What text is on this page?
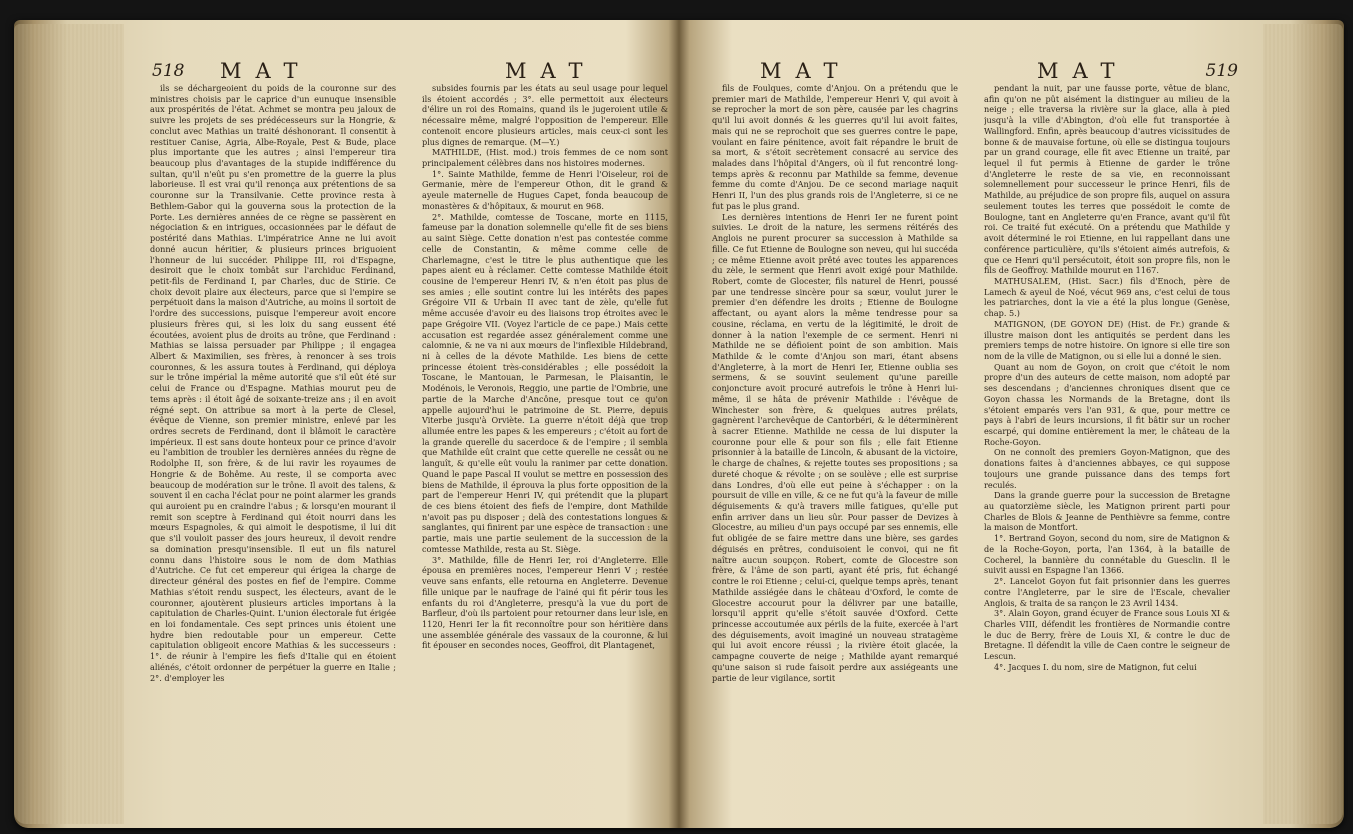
518 MAT	MAT

ils se déchargeoient du poids de la couronne sur des ministres choisis par le caprice d'un eunuque insensible aux prospérités de l'état. Achmet se montra peu jaloux de suivre les projets de ses prédécesseurs sur la Hongrie, & conclut avec Mathias un traité déshonorant. Il consentit à restituer Canise, Agria, Albe-Royale, Pest & Bude, place plus importante que les autres ; ainsi l'empereur tira beaucoup plus d'avantages de la stupide indifférence du sultan, qu'il n'eût pu s'en promettre de la guerre la plus laborieuse. Il est vrai qu'il renonça aux prétentions de sa couronne sur la Transilvanie. Cette province resta à Bethlem-Gabor qui la gouverna sous la protection de la Porte. Les dernières années de ce règne se passèrent en négociation & en intrigues, occasionnées par le défaut de postérité dans Mathias. L'impératrice Anne ne lui avoit donné aucun héritier, & plusieurs princes briguoient l'honneur de lui succéder. Philippe III, roi d'Espagne, desiroit que le choix tombât sur l'archiduc Ferdinand, petit-fils de Ferdinand I, par Charles, duc de Stirie. Ce choix devoit plaire aux électeurs, parce que si l'empire se perpétuoit dans la maison d'Autriche, au moins il sortoit de l'ordre des successions, puisque l'empereur avoit encore plusieurs frères qui, si les loix du sang eussent été écoutées, avoient plus de droits au trône, que Ferdinand : Mathias se laissa persuader par Philippe ; il engagea Albert & Maximilien, ses frères, à renoncer à ses trois couronnes, & les assura toutes à Ferdinand, qui déploya sur le trône impérial la même autorité que s'il eût été sur celui de France ou d'Espagne. Mathias mourut peu de tems après : il étoit âgé de soixante-treize ans ; il en avoit régné sept. On attribue sa mort à la perte de Clesel, évêque de Vienne, son premier ministre, enlevé par les ordres secrets de Ferdinand, dont il blâmoit le caractère impérieux. Il est sans doute honteux pour ce prince d'avoir eu l'ambition de troubler les dernières années du règne de Rodolphe II, son frère, & de lui ravir les royaumes de Hongrie & de Bohême. Au reste, il se comporta avec beaucoup de modération sur le trône. Il avoit des talens, & souvent il en cacha l'éclat pour ne point alarmer les grands qui auroient pu en craindre l'abus ; & lorsqu'en mourant il remit son sceptre à Ferdinand qui étoit nourri dans les mœurs Espagnoles, & qui aimoit le despotisme, il lui dit que s'il vouloit passer des jours heureux, il devoit rendre sa domination presqu'insensible. Il eut un fils naturel connu dans l'histoire sous le nom de dom Mathias d'Autriche. Ce fut cet empereur qui érigea la charge de directeur général des postes en fief de l'empire. Comme Mathias s'étoit rendu suspect, les électeurs, avant de le couronner, ajoutèrent plusieurs articles importans à la capitulation de Charles-Quint. L'union électorale fut érigée en loi fondamentale. Ces sept princes unis étoient une hydre bien redoutable pour un empereur. Cette capitulation obligeoit encore Mathias & les successeurs : 1°. de réunir à l'empire les fiefs d'Italie qui en étoient aliénés, c'étoit ordonner de perpétuer la guerre en Italie ; 2°. d'employer les

subsides fournis par les états au seul usage pour lequel ils étoient accordés ; 3°. elle permettoit aux électeurs d'élire un roi des Romains, quand ils le jugeroient utile & nécessaire même, malgré l'opposition de l'empereur. Elle contenoit encore plusieurs articles, mais ceux-ci sont les plus dignes de remarque. (M—Y.)

MATHILDE, (Hist. mod.) trois femmes de ce nom sont principalement célèbres dans nos histoires modernes.

1°. Sainte Mathilde, femme de Henri l'Oiseleur, roi de Germanie, mère de l'empereur Othon, dit le grand & ayeule maternelle de Hugues Capet, fonda beaucoup de monastères & d'hôpitaux, & mourut en 968.

2°. Mathilde, comtesse de Toscane, morte en 1115, fameuse par la donation solemnelle qu'elle fit de ses biens au saint Siège. Cette donation n'est pas contestée comme celle de Constantin, & même comme celle de Charlemagne, c'est le titre le plus authentique que les papes aient eu à réclamer. Cette comtesse Mathilde étoit cousine de l'empereur Henri IV, & n'en étoit pas plus de ses amies ; elle soutint contre lui les intérêts des papes Grégoire VII & Urbain II avec tant de zèle, qu'elle fut même accusée d'avoir eu des liaisons trop étroites avec le pape Grégoire VII. (Voyez l'article de ce pape.) Mais cette accusation est regardée assez généralement comme une calomnie, & ne va ni aux mœurs de l'inflexible Hildebrand, ni à celles de la dévote Mathilde. Les biens de cette princesse étoient très-considérables ; elle possédoit la Toscane, le Mantouan, le Parmesan, le Plaisantin, le Modénois, le Veronois, Reggio, une partie de l'Ombrie, une partie de la Marche d'Ancône, presque tout ce qu'on appelle aujourd'hui le patrimoine de St. Pierre, depuis Viterbe jusqu'à Orviète. La guerre n'étoit déjà que trop allumée entre les papes & les empereurs ; c'étoit au fort de la grande querelle du sacerdoce & de l'empire ; il sembla que Mathilde eût craint que cette querelle ne cessât ou ne languît, & qu'elle eût voulu la ranimer par cette donation. Quand le pape Pascal II voulut se mettre en possession des biens de Mathilde, il éprouva la plus forte opposition de la part de l'empereur Henri IV, qui prétendit que la plupart de ces biens étoient des fiefs de l'empire, dont Mathilde n'avoit pas pu disposer ; delà des contestations longues & sanglantes, qui finirent par une espèce de transaction : une partie, mais une partie seulement de la succession de la comtesse Mathilde, resta au St. Siège.

3°. Mathilde, fille de Henri Ier, roi d'Angleterre. Elle épousa en premières noces, l'empereur Henri V ; restée veuve sans enfants, elle retourna en Angleterre. Devenue fille unique par le naufrage de l'ainé qui fit périr tous les enfants du roi d'Angleterre, presqu'à la vue du port de Barfleur, d'où ils partoient pour retourner dans leur isle, en 1120, Henri Ier la fit reconnoître pour son héritière dans une assemblée générale des vassaux de la couronne, & lui fit épouser en secondes noces, Geoffroi, dit Plantagenet,

MAT	MAT	519

fils de Foulques, comte d'Anjou. On a prétendu que le premier mari de Mathilde, l'empereur Henri V, qui avoit à se reprocher la mort de son père, causée par les chagrins qu'il lui avoit donnés & les guerres qu'il lui avoit faites, mais qui ne se reprochoit que ses guerres contre le pape, voulant en faire pénitence, avoit fait répandre le bruit de sa mort, & s'étoit secrètement consacré au service des malades dans l'hôpital d'Angers, où il fut rencontré long-temps après & reconnu par Mathilde sa femme, devenue femme du comte d'Anjou. De ce second mariage naquit Henri II, l'un des plus grands rois de l'Angleterre, si ce ne fut pas le plus grand.

Les dernières intentions de Henri Ier ne furent point suivies. Le droit de la nature, les sermens réitérés des Anglois ne purent procurer sa succession à Mathilde sa fille. Ce fut Etienne de Boulogne son neveu, qui lui succéda ; ce même Etienne avoit prêté avec toutes les apparences du zèle, le serment que Henri avoit exigé pour Mathilde. Robert, comte de Glocester, fils naturel de Henri, poussé par une tendresse sincère pour sa sœur, voulut jurer le premier d'en défendre les droits ; Etienne de Boulogne affectant, ou ayant alors la même tendresse pour sa cousine, réclama, en vertu de la légitimité, le droit de donner à la nation l'exemple de ce serment. Henri ni Mathilde ne se défioient point de son ambition. Mais Mathilde & le comte d'Anjou son mari, étant absens d'Angleterre, à la mort de Henri Ier, Etienne oublia ses sermens, & se souvint seulement qu'une pareille conjoncture avoit procuré autrefois le trône à Henri lui-même, il se hâta de prévenir Mathilde : l'évêque de Winchester son frère, & quelques autres prélats, gagnèrent l'archevêque de Cantorbéri, & le déterminèrent à sacrer Etienne. Mathilde ne cessa de lui disputer la couronne pour elle & pour son fils ; elle fait Etienne prisonnier à la bataille de Lincoln, & abusant de la victoire, le charge de chaînes, & rejette toutes ses propositions ; sa dureté choque & révolte ; on se soulève ; elle est surprise dans Londres, d'où elle eut peine à s'échapper : on la poursuit de ville en ville, & ce ne fut qu'à la faveur de mille déguisements & qu'à travers mille fatigues, qu'elle put enfin arriver dans un lieu sûr. Pour passer de Devizes à Glocestre, au milieu d'un pays occupé par ses ennemis, elle fut obligée de se faire mettre dans une bière, ses gardes déguisés en prêtres, conduisoient le convoi, qui ne fit naître aucun soupçon. Robert, comte de Glocestre son frère, & l'âme de son parti, ayant été pris, fut échangé contre le roi Etienne ; celui-ci, quelque temps après, tenant Mathilde assiégée dans le château d'Oxford, le comte de Glocestre accourut pour la délivrer par une bataille, lorsqu'il apprit qu'elle s'étoit sauvée d'Oxford. Cette princesse accoutumée aux périls de la fuite, exercée à l'art des déguisements, avoit imaginé un nouveau stratagème qui lui avoit encore réussi ; la rivière étoit glacée, la campagne couverte de neige ; Mathilde ayant remarqué qu'une saison si rude faisoit perdre aux assiégeants une partie de leur vigilance, sortit

pendant la nuit, par une fausse porte, vêtue de blanc, afin qu'on ne pût aisément la distinguer au milieu de la neige ; elle traversa la rivière sur la glace, alla à pied jusqu'à la ville d'Abington, d'où elle fut transportée à Wallingford. Enfin, après beaucoup d'autres vicissitudes de bonne & de mauvaise fortune, où elle se distingua toujours par un grand courage, elle fit avec Etienne un traité, par lequel il fut permis à Etienne de garder le trône d'Angleterre le reste de sa vie, en reconnoissant solemnellement pour successeur le prince Henri, fils de Mathilde, au préjudice de son propre fils, auquel on assura seulement toutes les terres que possédoit le comte de Boulogne, tant en Angleterre qu'en France, avant qu'il fût roi. Ce traité fut exécuté. On a prétendu que Mathilde y avoit déterminé le roi Etienne, en lui rappellant dans une conférence particulière, qu'ils s'étoient aimés autrefois, & que ce Henri qu'il persécutoit, étoit son propre fils, non le fils de Geoffroy. Mathilde mourut en 1167.

MATHUSALEM, (Hist. Sacr.) fils d'Enoch, père de Lamech & ayeul de Noé, vécut 969 ans, c'est celui de tous les patriarches, dont la vie a été la plus longue (Genèse, chap. 5.)

MATIGNON, (DE GOYON DE) (Hist. de Fr.) grande & illustre maison dont les antiquités se perdent dans les premiers temps de notre histoire. On ignore si elle tire son nom de la ville de Matignon, ou si elle lui a donné le sien.

Quant au nom de Goyon, on croit que c'étoit le nom propre d'un des auteurs de cette maison, nom adopté par ses descendans ; d'anciennes chroniques disent que ce Goyon chassa les Normands de la Bretagne, dont ils s'étoient emparés vers l'an 931, & que, pour mettre ce pays à l'abri de leurs incursions, il fit bâtir sur un rocher escarpé, qui domine entièrement la mer, le château de la Roche-Goyon.

On ne connoît des premiers Goyon-Matignon, que des donations faites à d'anciennes abbayes, ce qui suppose toujours une grande puissance dans des temps fort reculés.

Dans la grande guerre pour la succession de Bretagne au quatorzième siècle, les Matignon prirent parti pour Charles de Blois & Jeanne de Penthièvre sa femme, contre la maison de Montfort.

1°. Bertrand Goyon, second du nom, sire de Matignon & de la Roche-Goyon, porta, l'an 1364, à la bataille de Cocherel, la bannière du connétable du Guesclin. Il le suivit aussi en Espagne l'an 1366.

2°. Lancelot Goyon fut fait prisonnier dans les guerres contre l'Angleterre, par le sire de l'Escale, chevalier Anglois, & traita de sa rançon le 23 Avril 1434.

3°. Alain Goyon, grand écuyer de France sous Louis XI & Charles VIII, défendit les frontières de Normandie contre le duc de Berry, frère de Louis XI, & contre le duc de Bretagne. Il défendit la ville de Caen contre le seigneur de Lescun.

4°. Jacques I. du nom, sire de Matignon, fut celui
